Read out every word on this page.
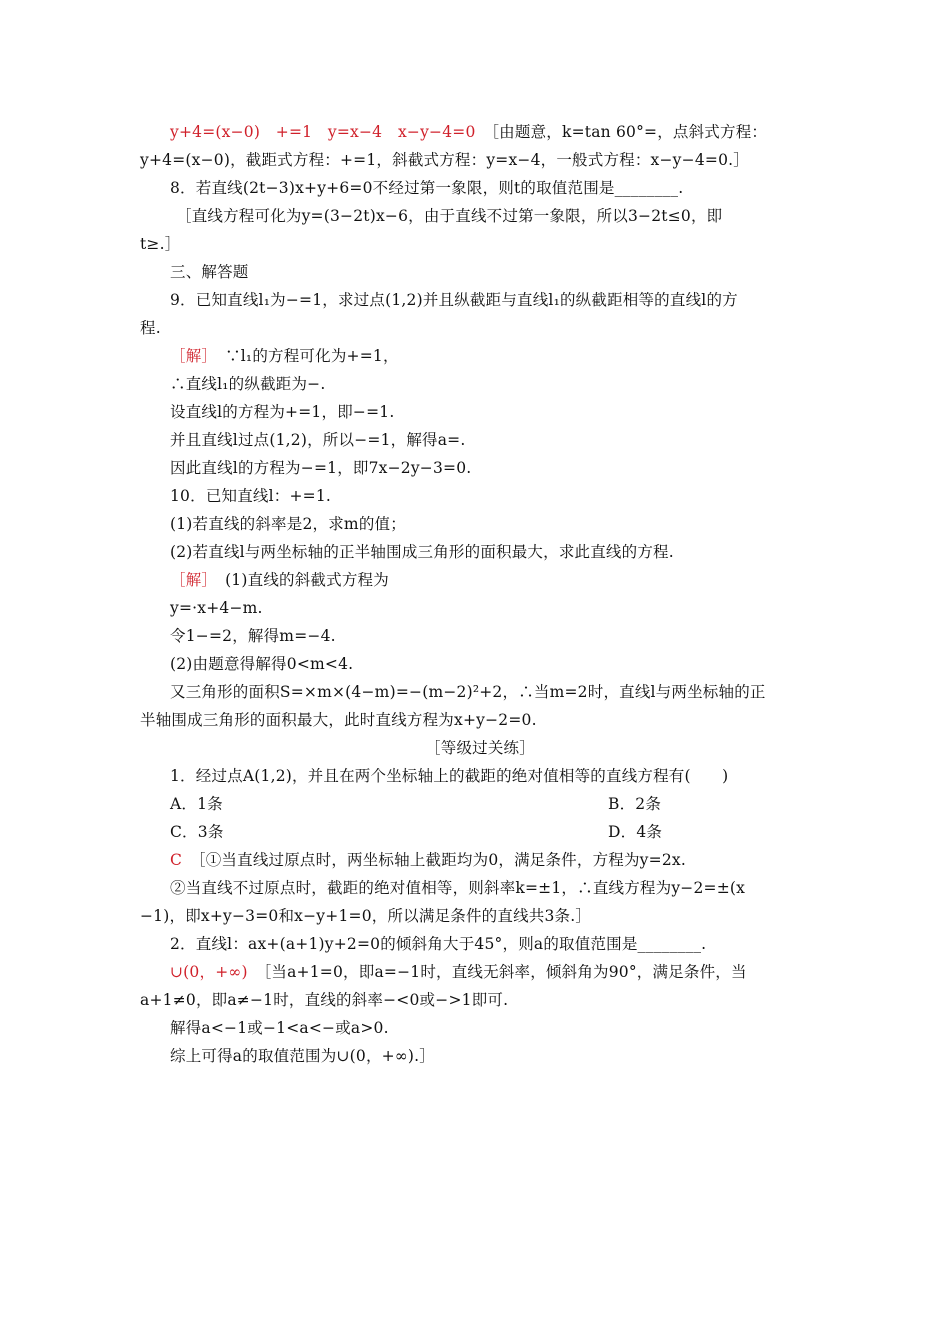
y+4=(x−0)　+=1　y=x−4　x−y−4=0　 ［由题意，k=tan 60°=，点斜式方程：
y+4=(x−0)，截距式方程：+=1，斜截式方程：y=x−4，一般式方程：x−y−4=0.］
8．若直线(2t−3)x+y+6=0不经过第一象限，则t的取值范围是________.
［直线方程可化为y=(3−2t)x−6，由于直线不过第一象限，所以3−2t≤0，即
t≥.］
三、解答题
9．已知直线l₁为−=1，求过点(1,2)并且纵截距与直线l₁的纵截距相等的直线l的方
程.
［解］　 ∵l₁的方程可化为+=1，
∴直线l₁的纵截距为−.
设直线l的方程为+=1，即−=1.
并且直线l过点(1,2)，所以−=1，解得a=.
因此直线l的方程为−=1，即7x−2y−3=0.
10．已知直线l：+=1.
(1)若直线的斜率是2，求m的值；
(2)若直线l与两坐标轴的正半轴围成三角形的面积最大，求此直线的方程.
［解］　 (1)直线的斜截式方程为
y=·x+4−m.
令1−=2，解得m=−4.
(2)由题意得解得0<m<4.
又三角形的面积S=×m×(4−m)=−(m−2)²+2，∴当m=2时，直线l与两坐标轴的正
半轴围成三角形的面积最大，此时直线方程为x+y−2=0.
［等级过关练］
1．经过点A(1,2)，并且在两个坐标轴上的截距的绝对值相等的直线方程有(　　)
A．1条	B．2条
C．3条	D．4条
C　 ［①当直线过原点时，两坐标轴上截距均为0，满足条件，方程为y=2x.
②当直线不过原点时，截距的绝对值相等，则斜率k=±1，∴直线方程为y−2=±(x
−1)，即x+y−3=0和x−y+1=0，所以满足条件的直线共3条.］
2．直线l：ax+(a+1)y+2=0的倾斜角大于45°，则a的取值范围是________.
∪(0，+∞)　 ［当a+1=0，即a=−1时，直线无斜率，倾斜角为90°，满足条件，当
a+1≠0，即a≠−1时，直线的斜率−<0或−>1即可.
解得a<−1或−1<a<−或a>0.
综上可得a的取值范围为∪(0，+∞).］
